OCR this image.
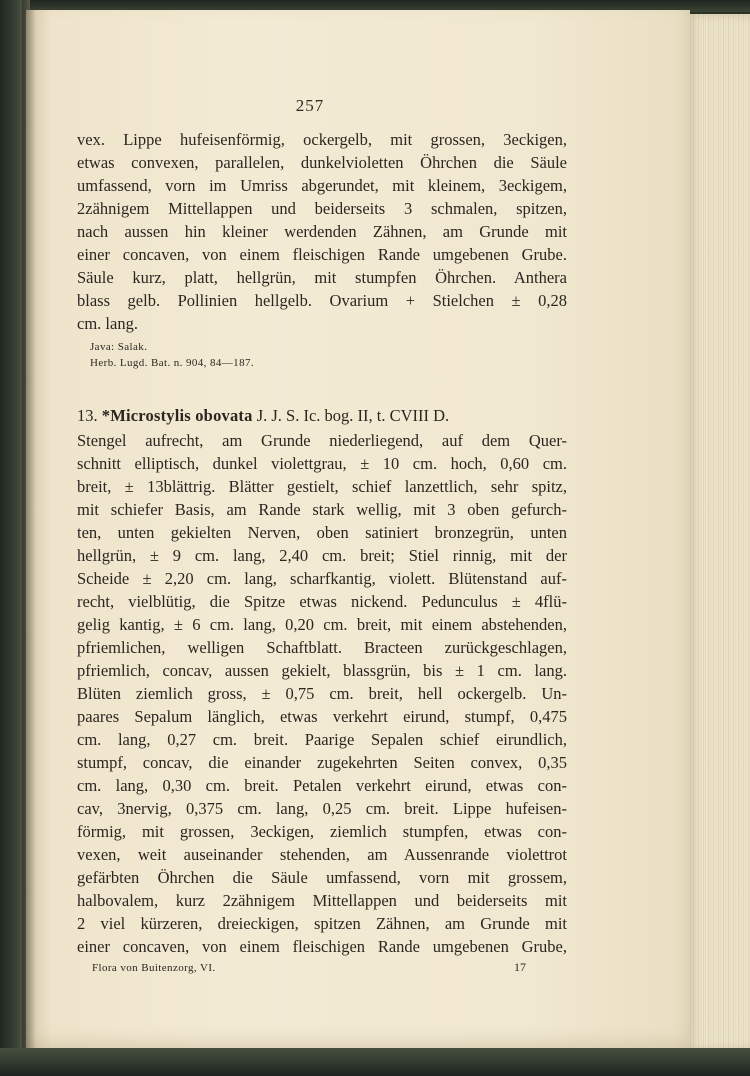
257

vex. Lippe hufeisenförmig, ockergelb, mit grossen, 3eckigen,

etwas convexen, parallelen, dunkelvioletten Öhrchen die Säule

umfassend, vorn im Umriss abgerundet, mit kleinem, 3eckigem,

2zähnigem Mittellappen und beiderseits 3 schmalen, spitzen,

nach aussen hin kleiner werdenden Zähnen, am Grunde mit

einer concaven, von einem fleischigen Rande umgebenen Grube.

Säule kurz, platt, hellgrün, mit stumpfen Öhrchen. Anthera

blass gelb. Pollinien hellgelb. Ovarium + Stielchen ± 0,28

cm. lang.

Java: Salak.
Herb. Lugd. Bat. n. 904, 84—187.
13. *Microstylis obovata J. J. S. Ic. bog. II, t. CVIII D.

Stengel aufrecht, am Grunde niederliegend, auf dem Quer-

schnitt elliptisch, dunkel violettgrau, ± 10 cm. hoch, 0,60 cm.

breit, ± 13blättrig. Blätter gestielt, schief lanzettlich, sehr spitz,

mit schiefer Basis, am Rande stark wellig, mit 3 oben gefurch-

ten, unten gekielten Nerven, oben satiniert bronzegrün, unten

hellgrün, ± 9 cm. lang, 2,40 cm. breit; Stiel rinnig, mit der

Scheide ± 2,20 cm. lang, scharfkantig, violett. Blütenstand auf-

recht, vielblütig, die Spitze etwas nickend. Pedunculus ± 4flü-

gelig kantig, ± 6 cm. lang, 0,20 cm. breit, mit einem abstehenden,

pfriemlichen, welligen Schaftblatt. Bracteen zurückgeschlagen,

pfriemlich, concav, aussen gekielt, blassgrün, bis ± 1 cm. lang.

Blüten ziemlich gross, ± 0,75 cm. breit, hell ockergelb. Un-

paares Sepalum länglich, etwas verkehrt eirund, stumpf, 0,475

cm. lang, 0,27 cm. breit. Paarige Sepalen schief eirundlich,

stumpf, concav, die einander zugekehrten Seiten convex, 0,35

cm. lang, 0,30 cm. breit. Petalen verkehrt eirund, etwas con-

cav, 3nervig, 0,375 cm. lang, 0,25 cm. breit. Lippe hufeisen-

förmig, mit grossen, 3eckigen, ziemlich stumpfen, etwas con-

vexen, weit auseinander stehenden, am Aussenrande violettrot

gefärbten Öhrchen die Säule umfassend, vorn mit grossem,

halbovalem, kurz 2zähnigem Mittellappen und beiderseits mit

2 viel kürzeren, dreieckigen, spitzen Zähnen, am Grunde mit

einer concaven, von einem fleischigen Rande umgebenen Grube,

Flora von Buitenzorg, VI.	17
